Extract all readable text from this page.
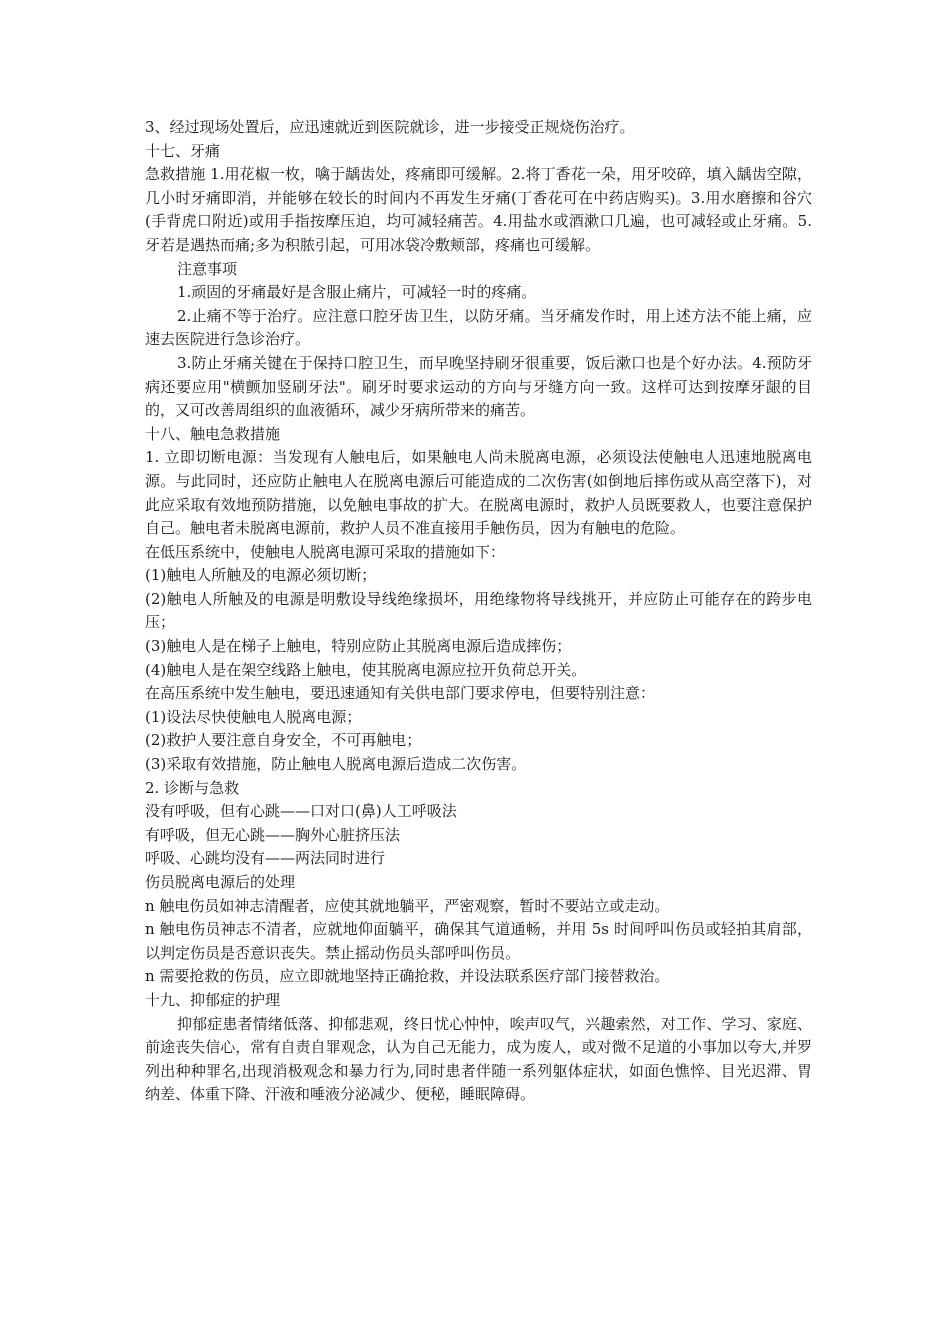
3、经过现场处置后，应迅速就近到医院就诊，进一步接受正规烧伤治疗。

十七、牙痛

急救措施 1.用花椒一枚，噙于龋齿处，疼痛即可缓解。2.将丁香花一朵，用牙咬碎，填入龋齿空隙，几小时牙痛即消，并能够在较长的时间内不再发生牙痛(丁香花可在中药店购买)。3.用水磨擦和谷穴(手背虎口附近)或用手指按摩压迫，均可减轻痛苦。4.用盐水或酒漱口几遍，也可减轻或止牙痛。5.牙若是遇热而痛;多为积脓引起，可用冰袋冷敷颊部，疼痛也可缓解。

注意事项

1.顽固的牙痛最好是含服止痛片，可减轻一时的疼痛。

2.止痛不等于治疗。应注意口腔牙齿卫生，以防牙痛。当牙痛发作时，用上述方法不能上痛，应速去医院进行急诊治疗。

3.防止牙痛关键在于保持口腔卫生，而早晚坚持刷牙很重要，饭后漱口也是个好办法。4.预防牙病还要应用"横颤加竖刷牙法"。刷牙时要求运动的方向与牙缝方向一致。这样可达到按摩牙龈的目的，又可改善周组织的血液循环，减少牙病所带来的痛苦。

十八、触电急救措施

1. 立即切断电源：当发现有人触电后，如果触电人尚未脱离电源，必须设法使触电人迅速地脱离电源。与此同时，还应防止触电人在脱离电源后可能造成的二次伤害(如倒地后摔伤或从高空落下)，对此应采取有效地预防措施，以免触电事故的扩大。在脱离电源时，救护人员既要救人，也要注意保护自己。触电者未脱离电源前，救护人员不准直接用手触伤员，因为有触电的危险。

在低压系统中，使触电人脱离电源可采取的措施如下：

(1)触电人所触及的电源必须切断；

(2)触电人所触及的电源是明敷设导线绝缘损坏，用绝缘物将导线挑开，并应防止可能存在的跨步电压；

(3)触电人是在梯子上触电，特别应防止其脱离电源后造成摔伤；

(4)触电人是在架空线路上触电，使其脱离电源应拉开负荷总开关。

在高压系统中发生触电，要迅速通知有关供电部门要求停电，但要特别注意：

(1)设法尽快使触电人脱离电源；

(2)救护人要注意自身安全，不可再触电；

(3)采取有效措施，防止触电人脱离电源后造成二次伤害。

2. 诊断与急救

没有呼吸，但有心跳——口对口(鼻)人工呼吸法

有呼吸，但无心跳——胸外心脏挤压法

呼吸、心跳均没有——两法同时进行

伤员脱离电源后的处理

n 触电伤员如神志清醒者，应使其就地躺平，严密观察，暂时不要站立或走动。

n 触电伤员神志不清者，应就地仰面躺平，确保其气道通畅，并用 5s 时间呼叫伤员或轻拍其肩部，以判定伤员是否意识丧失。禁止摇动伤员头部呼叫伤员。

n 需要抢救的伤员，应立即就地坚持正确抢救，并设法联系医疗部门接替救治。

十九、抑郁症的护理

抑郁症患者情绪低落、抑郁悲观，终日忧心忡忡，唉声叹气，兴趣索然，对工作、学习、家庭、前途丧失信心，常有自责自罪观念，认为自己无能力，成为废人，或对微不足道的小事加以夸大,并罗列出种种罪名,出现消极观念和暴力行为,同时患者伴随一系列躯体症状，如面色憔悴、目光迟滞、胃纳差、体重下降、汗液和唾液分泌减少、便秘，睡眠障碍。
